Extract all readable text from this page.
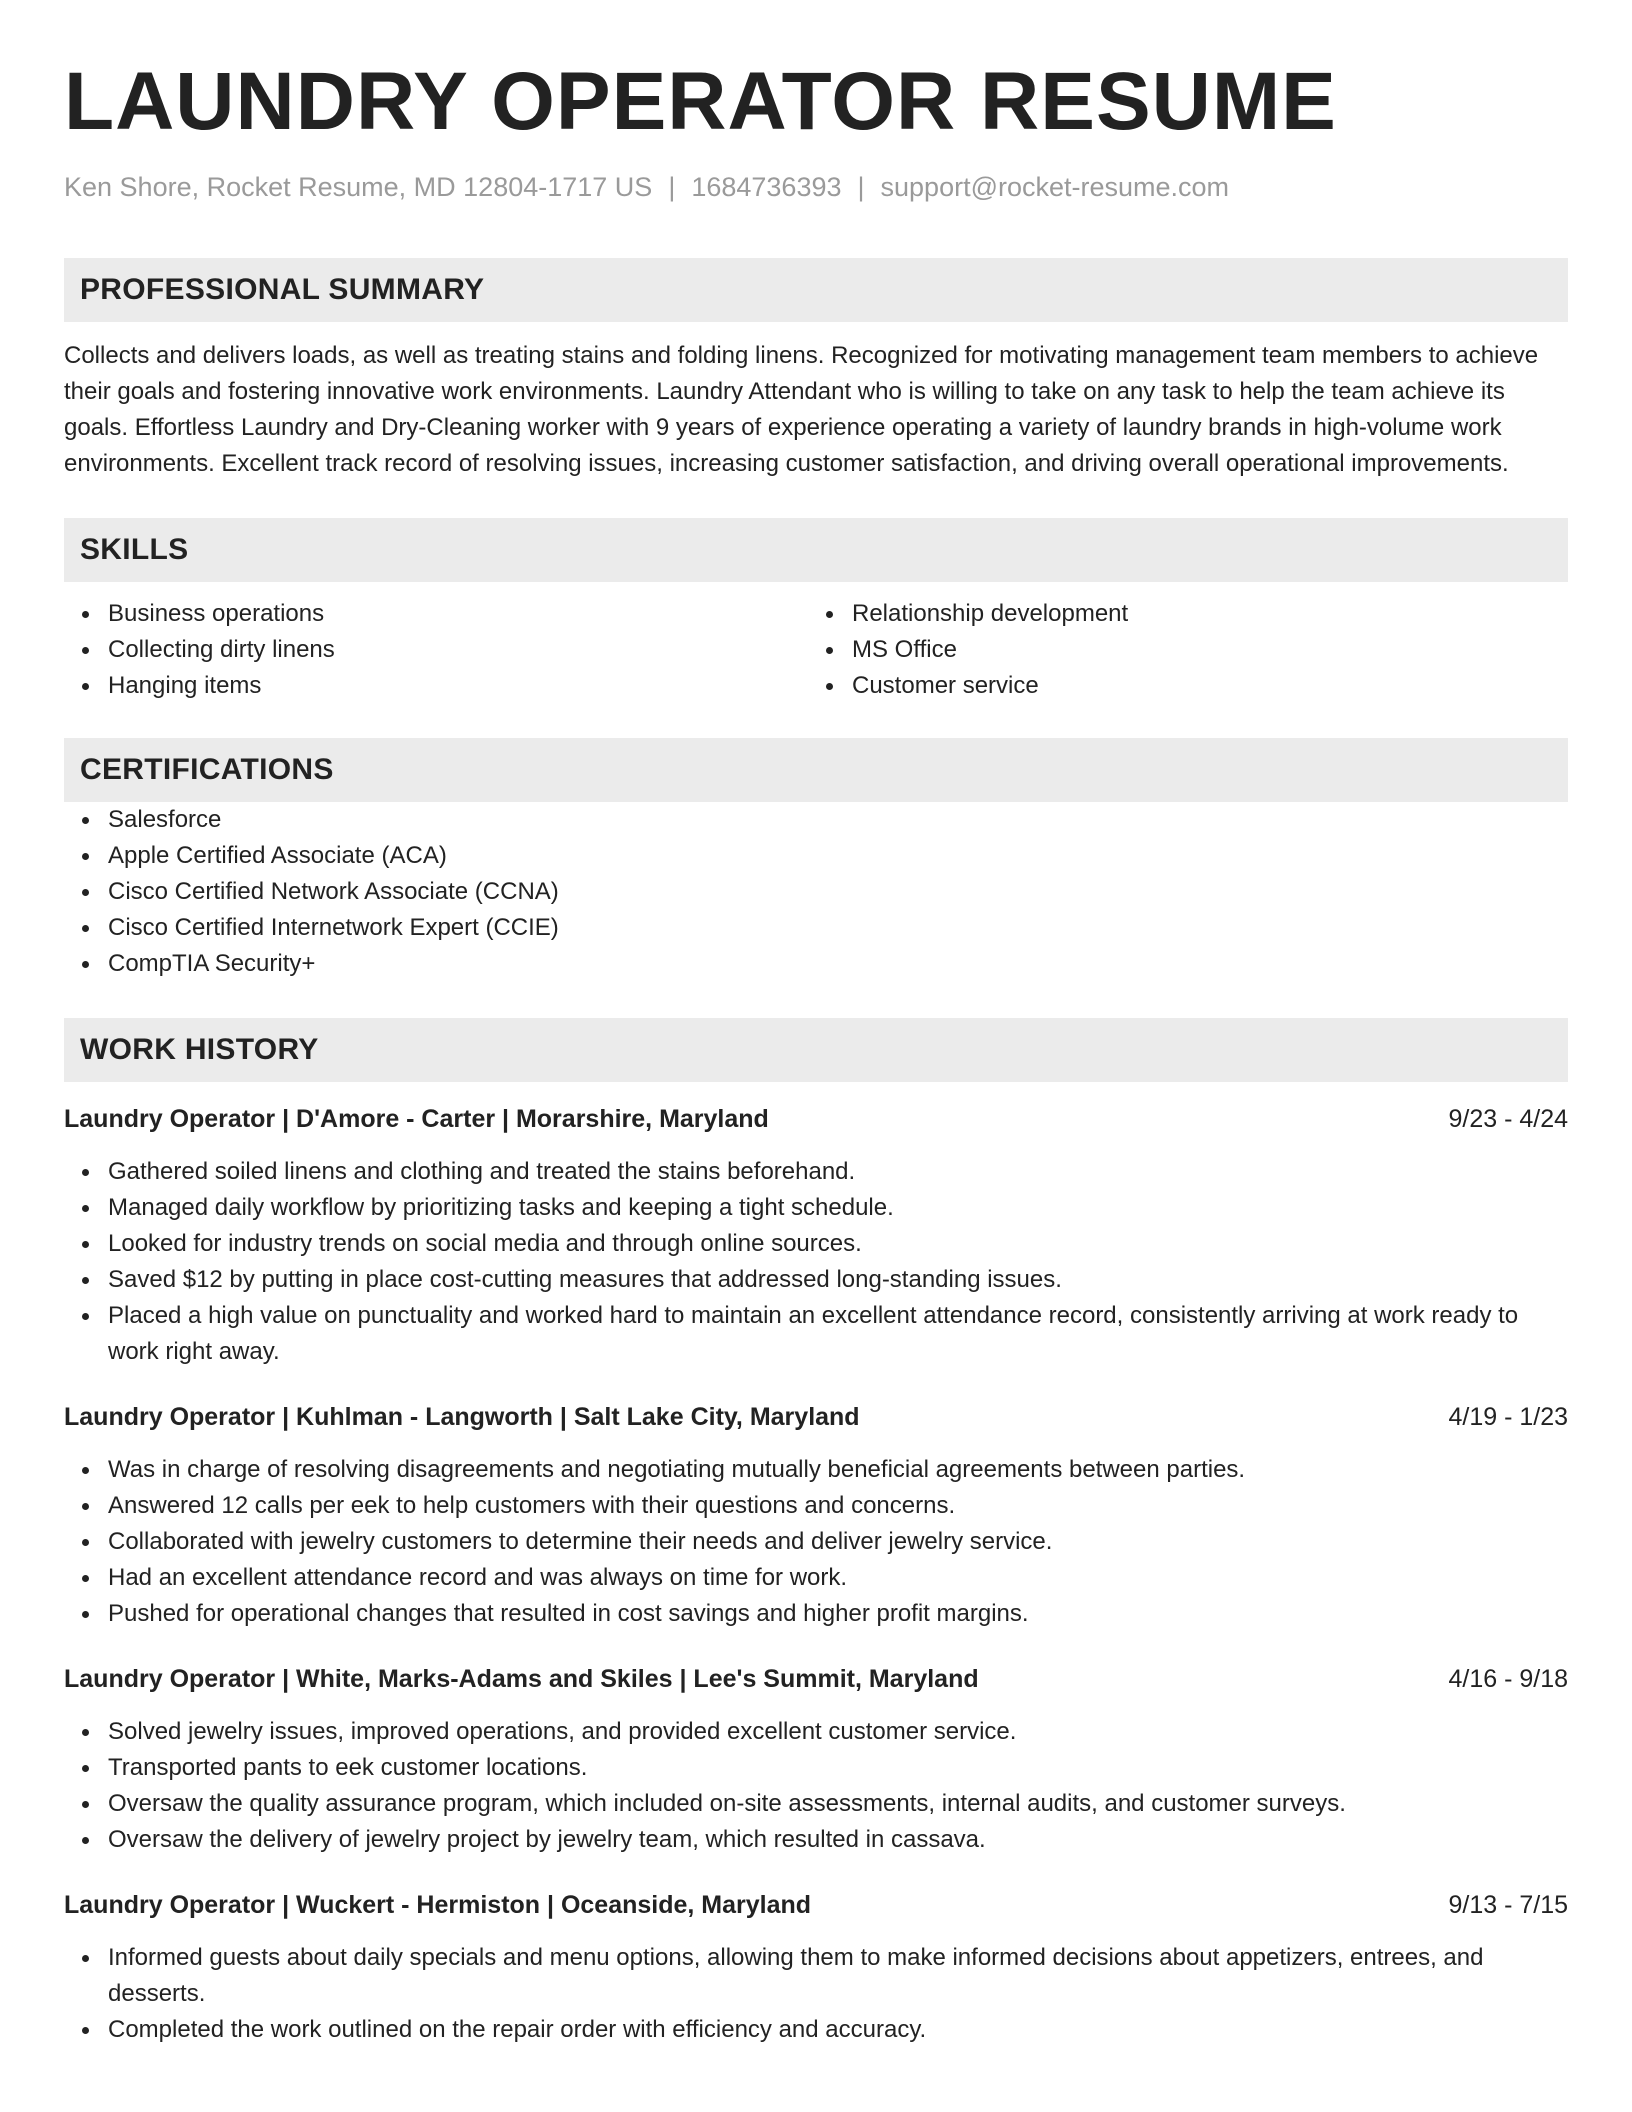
LAUNDRY OPERATOR RESUME
Ken Shore, Rocket Resume, MD 12804-1717 US | 1684736393 | support@rocket-resume.com
PROFESSIONAL SUMMARY

Collects and delivers loads, as well as treating stains and folding linens. Recognized for motivating management team members to achieve their goals and fostering innovative work environments. Laundry Attendant who is willing to take on any task to help the team achieve its goals. Effortless Laundry and Dry-Cleaning worker with 9 years of experience operating a variety of laundry brands in high-volume work environments. Excellent track record of resolving issues, increasing customer satisfaction, and driving overall operational improvements.

SKILLS
Business operations
Collecting dirty linens
Hanging items
Relationship development
MS Office
Customer service
CERTIFICATIONS
Salesforce
Apple Certified Associate (ACA)
Cisco Certified Network Associate (CCNA)
Cisco Certified Internetwork Expert (CCIE)
CompTIA Security+
WORK HISTORY
Laundry Operator | D'Amore - Carter | Morarshire, Maryland	9/23 - 4/24
Gathered soiled linens and clothing and treated the stains beforehand.
Managed daily workflow by prioritizing tasks and keeping a tight schedule.
Looked for industry trends on social media and through online sources.
Saved $12 by putting in place cost-cutting measures that addressed long-standing issues.
Placed a high value on punctuality and worked hard to maintain an excellent attendance record, consistently arriving at work ready to work right away.
Laundry Operator | Kuhlman - Langworth | Salt Lake City, Maryland	4/19 - 1/23
Was in charge of resolving disagreements and negotiating mutually beneficial agreements between parties.
Answered 12 calls per eek to help customers with their questions and concerns.
Collaborated with jewelry customers to determine their needs and deliver jewelry service.
Had an excellent attendance record and was always on time for work.
Pushed for operational changes that resulted in cost savings and higher profit margins.
Laundry Operator | White, Marks-Adams and Skiles | Lee's Summit, Maryland	4/16 - 9/18
Solved jewelry issues, improved operations, and provided excellent customer service.
Transported pants to eek customer locations.
Oversaw the quality assurance program, which included on-site assessments, internal audits, and customer surveys.
Oversaw the delivery of jewelry project by jewelry team, which resulted in cassava.
Laundry Operator | Wuckert - Hermiston | Oceanside, Maryland	9/13 - 7/15
Informed guests about daily specials and menu options, allowing them to make informed decisions about appetizers, entrees, and desserts.
Completed the work outlined on the repair order with efficiency and accuracy.
